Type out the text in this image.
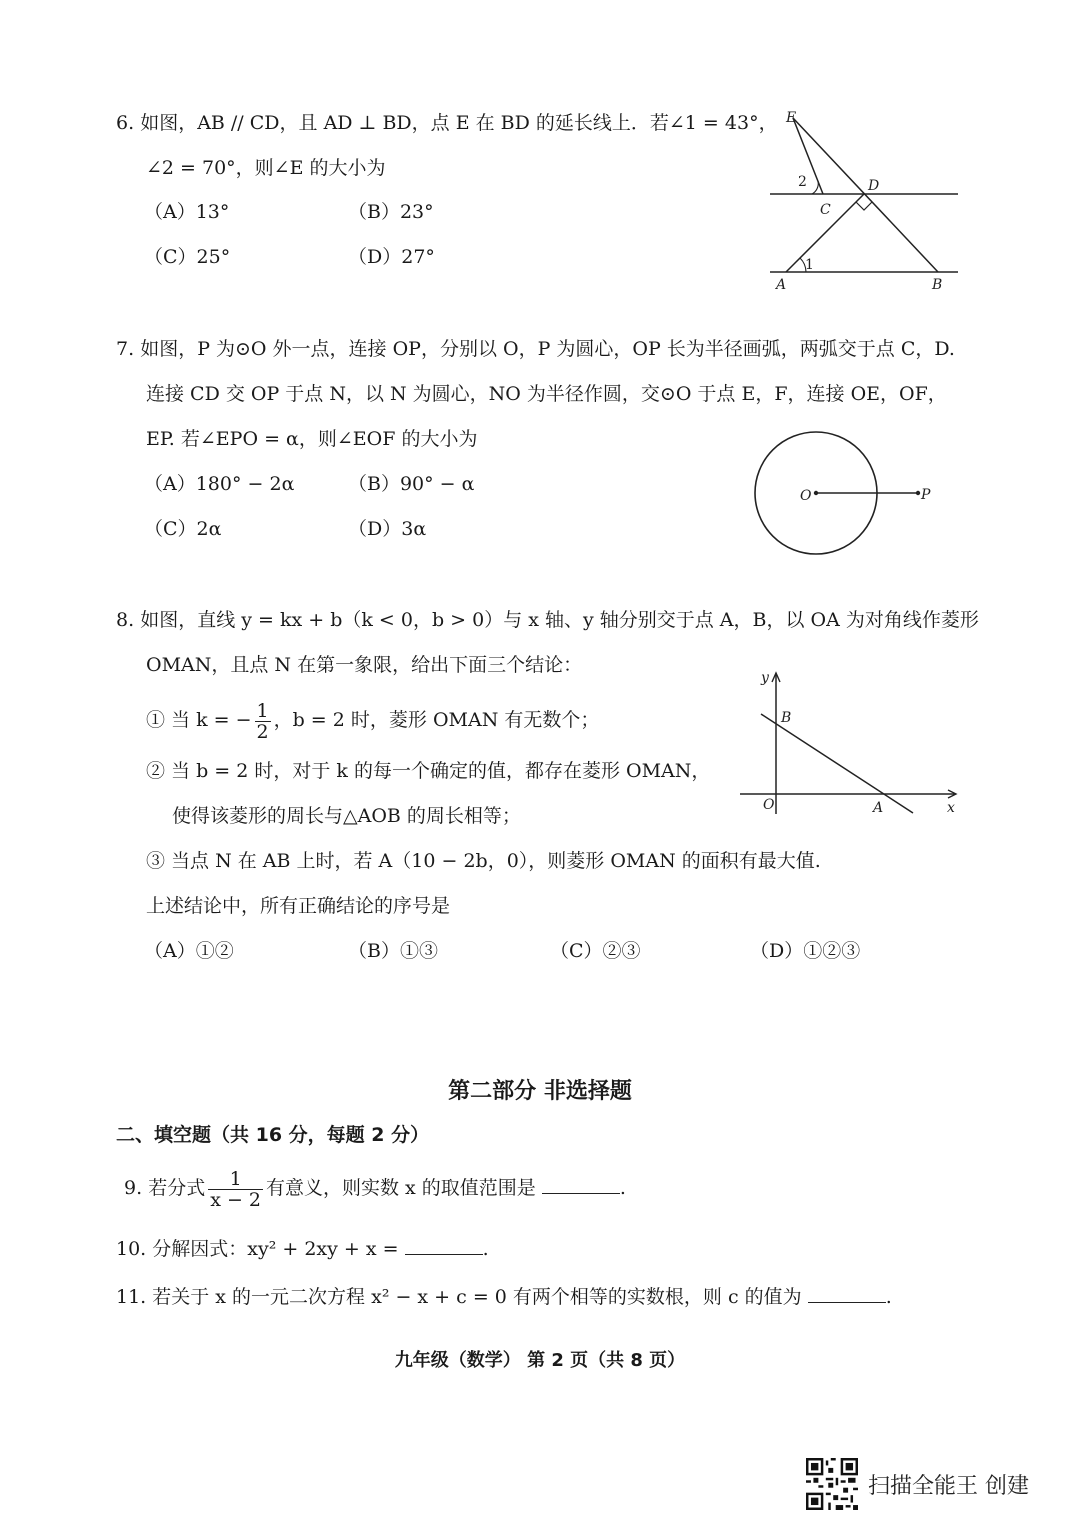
6. 如图，AB // CD，且 AD ⊥ BD，点 E 在 BD 的延长线上．若∠1 = 43°，
∠2 = 70°，则∠E 的大小为
（A）13°	（B）23°
（C）25°	（D）27°
E
D
C
A	B
1
2
7. 如图，P 为⊙O 外一点，连接 OP，分别以 O，P 为圆心，OP 长为半径画弧，两弧交于点 C，D.
连接 CD 交 OP 于点 N，以 N 为圆心，NO 为半径作圆，交⊙O 于点 E，F，连接 OE，OF，
EP. 若∠EPO = α，则∠EOF 的大小为
（A）180° − 2α	（B）90° − α
（C）2α	（D）3α
O	P
8. 如图，直线 y = kx + b（k < 0，b > 0）与 x 轴、y 轴分别交于点 A，B，以 OA 为对角线作菱形
OMAN，且点 N 在第一象限，给出下面三个结论：
① 当 k = − $\frac{1}{2}$ ，b = 2 时，菱形 OMAN 有无数个；
② 当 b = 2 时，对于 k 的每一个确定的值，都存在菱形 OMAN，
使得该菱形的周长与△AOB 的周长相等；
③ 当点 N 在 AB 上时，若 A（10 − 2b，0），则菱形 OMAN 的面积有最大值.
上述结论中，所有正确结论的序号是
（A）①②	（B）①③	（C）②③	（D）①②③
y
x
O	A
B
第二部分 非选择题
二、填空题（共 16 分，每题 2 分）
9. 若分式 $\frac{1}{x - 2}$ 有意义，则实数 x 的取值范围是	.
10. 分解因式：xy² + 2xy + x =	.
11. 若关于 x 的一元二次方程 x² − x + c = 0 有两个相等的实数根，则 c 的值为	.
九年级（数学） 第 2 页（共 8 页）
扫描全能王 创建
